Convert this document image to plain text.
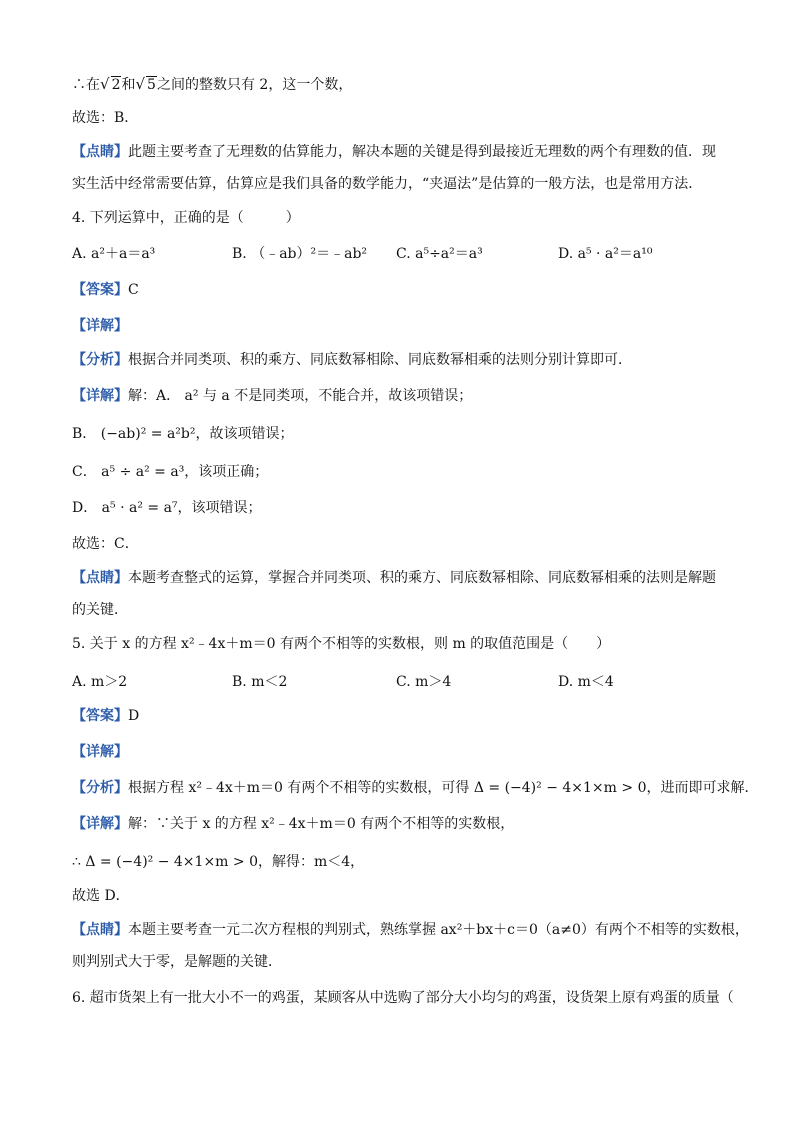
∴在√ 2和√ 5之间的整数只有 2，这一个数，
故选：B．
【点睛】此题主要考查了无理数的估算能力，解决本题的关键是得到最接近无理数的两个有理数的值．现
实生活中经常需要估算，估算应是我们具备的数学能力，“夹逼法”是估算的一般方法，也是常用方法．
4. 下列运算中，正确的是（　　　）
A. a²＋a＝a³	B. （﹣ab）²＝﹣ab² C. a⁵÷a²＝a³	D. a⁵ · a²＝a¹⁰
【答案】C
【详解】
【分析】根据合并同类项、积的乘方、同底数幂相除、同底数幂相乘的法则分别计算即可．
【详解】解：A． a² 与 a 不是同类项，不能合并，故该项错误；
B． (−ab)² = a²b²，故该项错误；
C． a⁵ ÷ a² = a³，该项正确；
D． a⁵ · a² = a⁷，该项错误；
故选：C．
【点睛】本题考查整式的运算，掌握合并同类项、积的乘方、同底数幂相除、同底数幂相乘的法则是解题
的关键．
5. 关于 x 的方程 x²﹣4x＋m＝0 有两个不相等的实数根，则 m 的取值范围是（　　）
A. m＞2	B. m＜2	C. m＞4	D. m＜4
【答案】D
【详解】
【分析】根据方程 x²﹣4x＋m＝0 有两个不相等的实数根，可得 Δ = (−4)² − 4×1×m > 0，进而即可求解．
【详解】解：∵关于 x 的方程 x²﹣4x＋m＝0 有两个不相等的实数根，
∴ Δ = (−4)² − 4×1×m > 0，解得：m＜4，
故选 D．
【点睛】本题主要考查一元二次方程根的判别式，熟练掌握 ax²＋bx＋c＝0（a≠0）有两个不相等的实数根，
则判别式大于零，是解题的关键．
6. 超市货架上有一批大小不一的鸡蛋，某顾客从中选购了部分大小均匀的鸡蛋，设货架上原有鸡蛋的质量（
